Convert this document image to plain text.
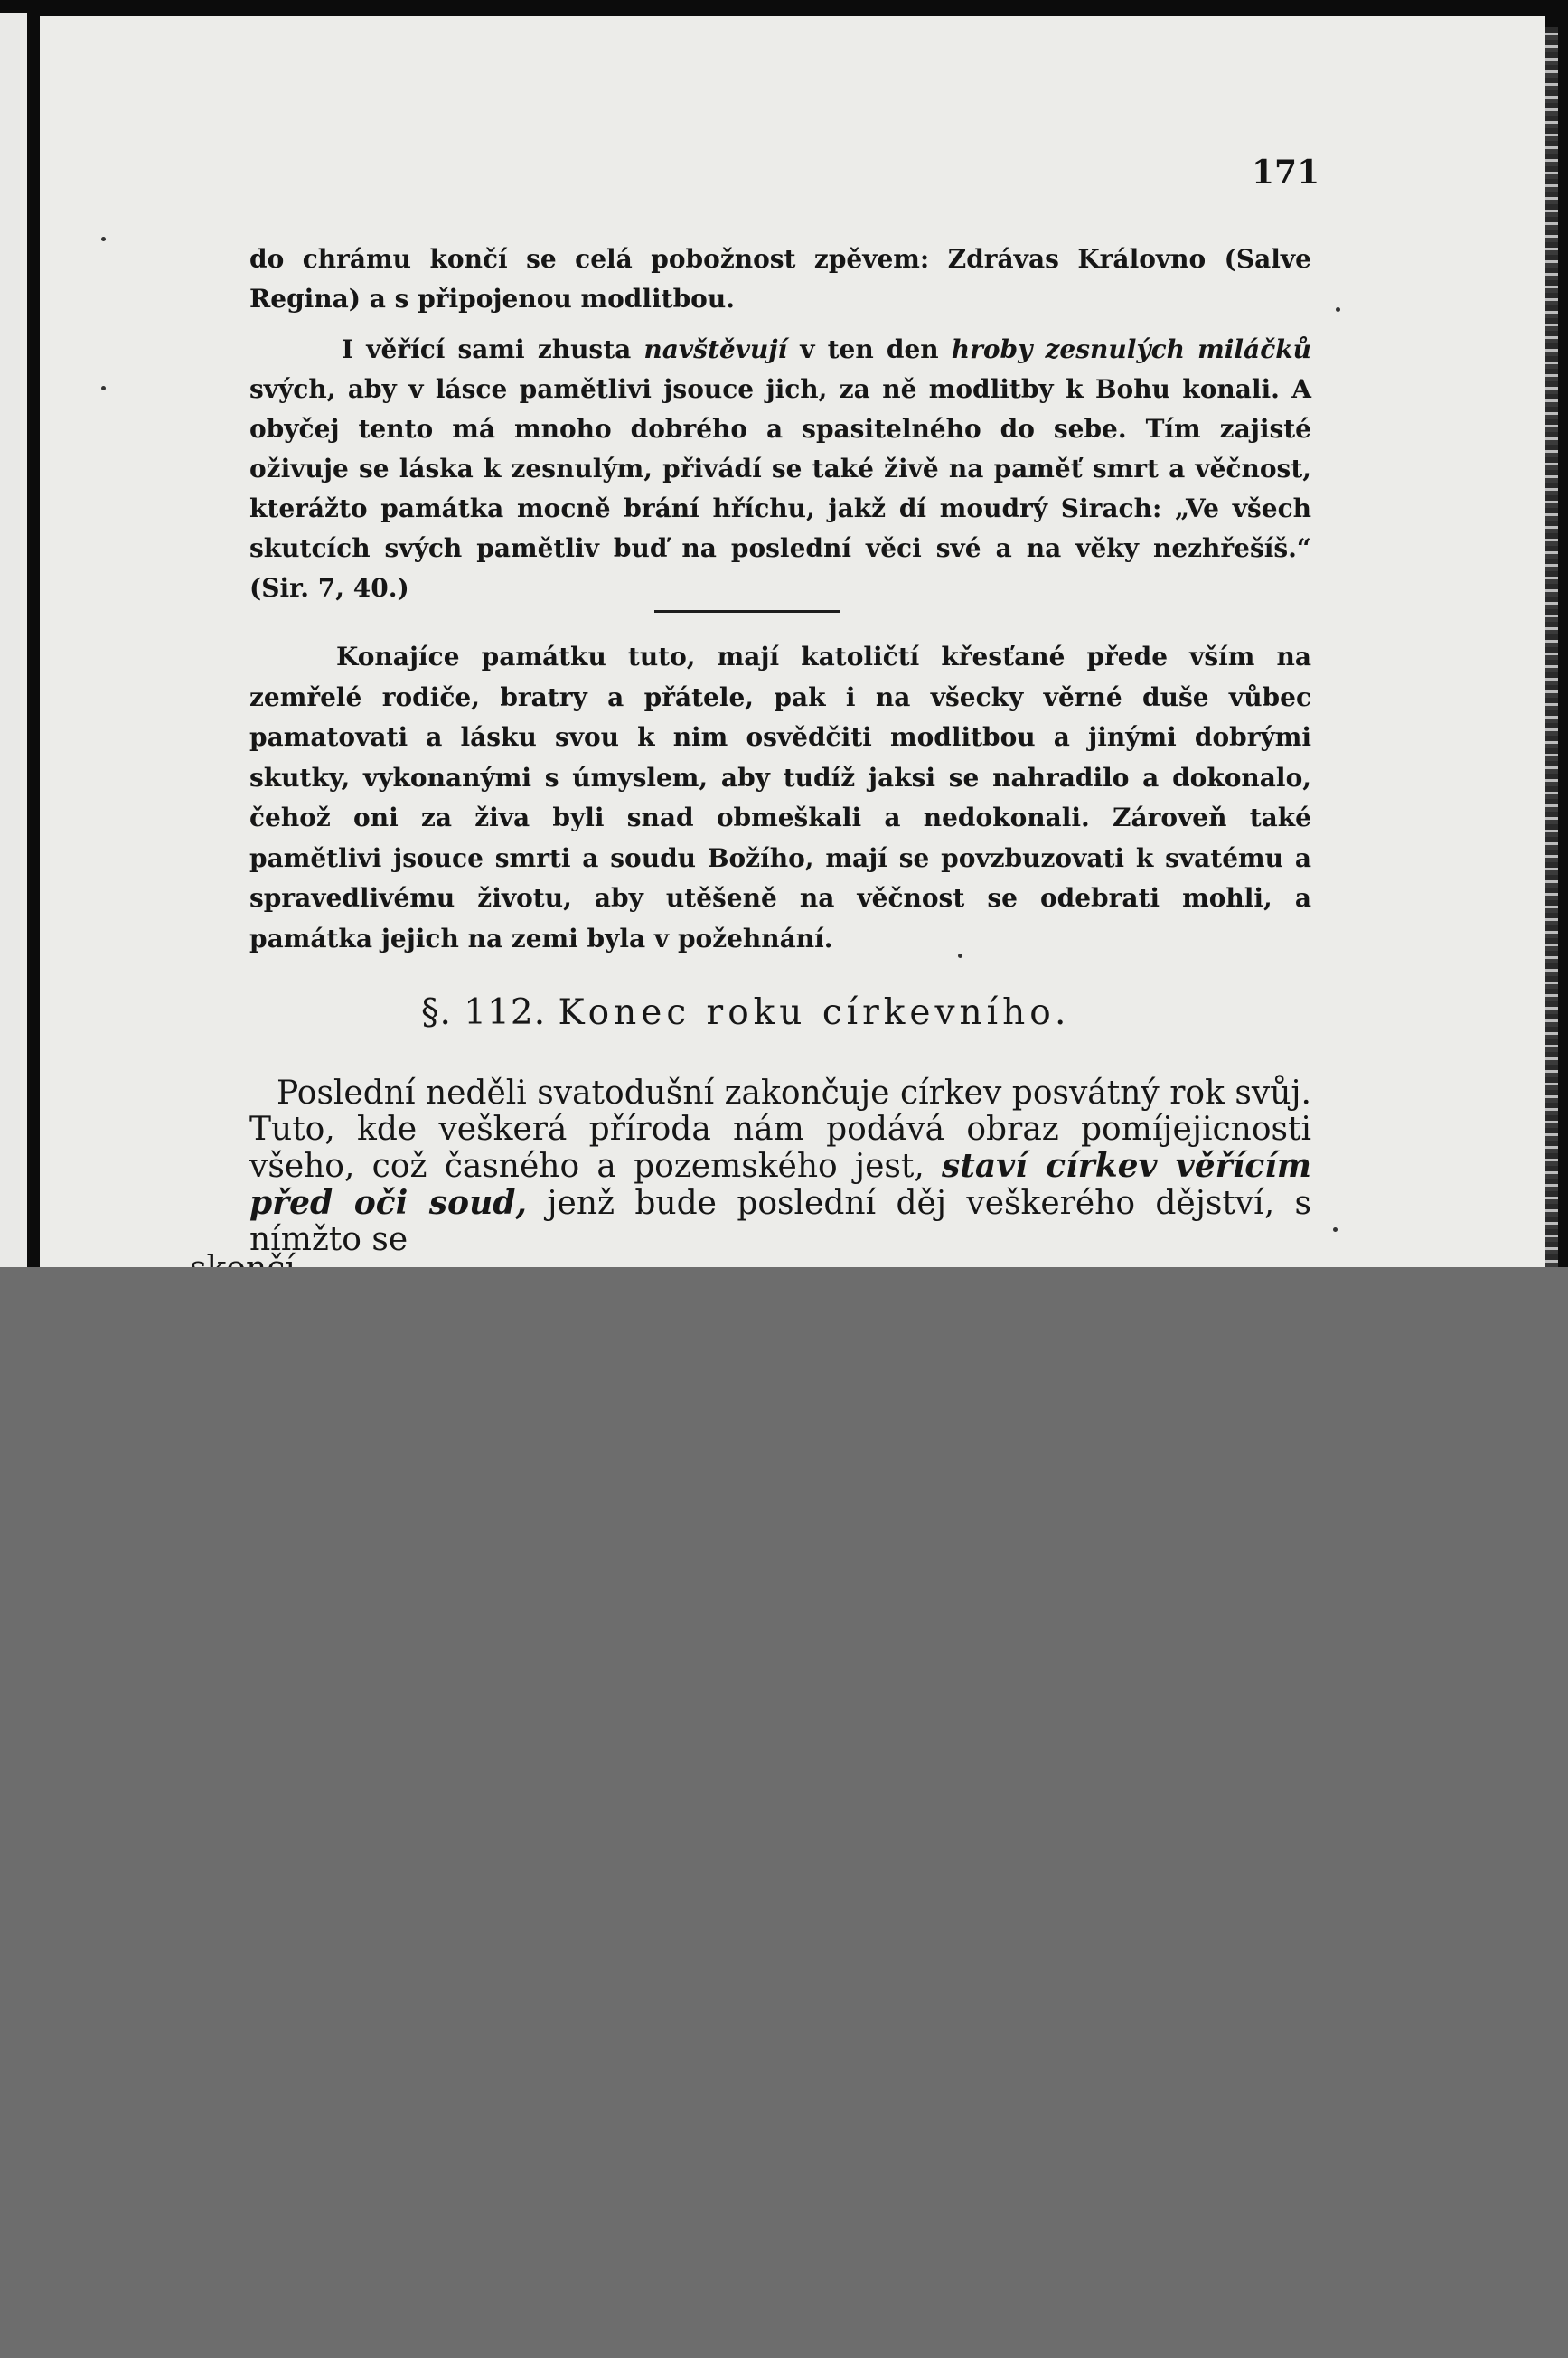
171

do chrámu končí se celá pobožnost zpěvem: Zdrávas Královno (Salve Regina) a s připojenou modlitbou.

I věřící sami zhusta navštěvují v ten den hroby zesnulých miláčků svých, aby v lásce pamětlivi jsouce jich, za ně modlitby k Bohu konali. A obyčej tento má mnoho dobrého a spasitelného do sebe. Tím zajisté oživuje se láska k zesnulým, přivádí se také živě na paměť smrt a věčnost, kterážto památka mocně brání hříchu, jakž dí moudrý Sirach: „Ve všech skutcích svých pamětliv buď na poslední věci své a na věky nezhřešíš.“ (Sir. 7, 40.)

Konajíce památku tuto, mají katoličtí křesťané přede vším na zemřelé rodiče, bratry a přátele, pak i na všecky věrné duše vůbec pamatovati a lásku svou k nim osvědčiti modlitbou a jinými dobrými skutky, vykonanými s úmyslem, aby tudíž jaksi se nahradilo a dokonalo, čehož oni za živa byli snad obmeškali a nedokonali. Zároveň také pamětlivi jsouce smrti a soudu Božího, mají se povzbuzovati k svatému a spravedlivému životu, aby utěšeně na věčnost se odebrati mohli, a památka jejich na zemi byla v požehnání.

§. 112. Konec roku církevního.

Poslední neděli svatodušní zakončuje církev posvátný rok svůj. Tuto, kde veškerá příroda nám podává obraz pomíjejicnosti všeho, což časného a pozemského jest, staví církev věřícím před oči soud, jenž bude poslední děj veškerého dějství, s nímžto se
